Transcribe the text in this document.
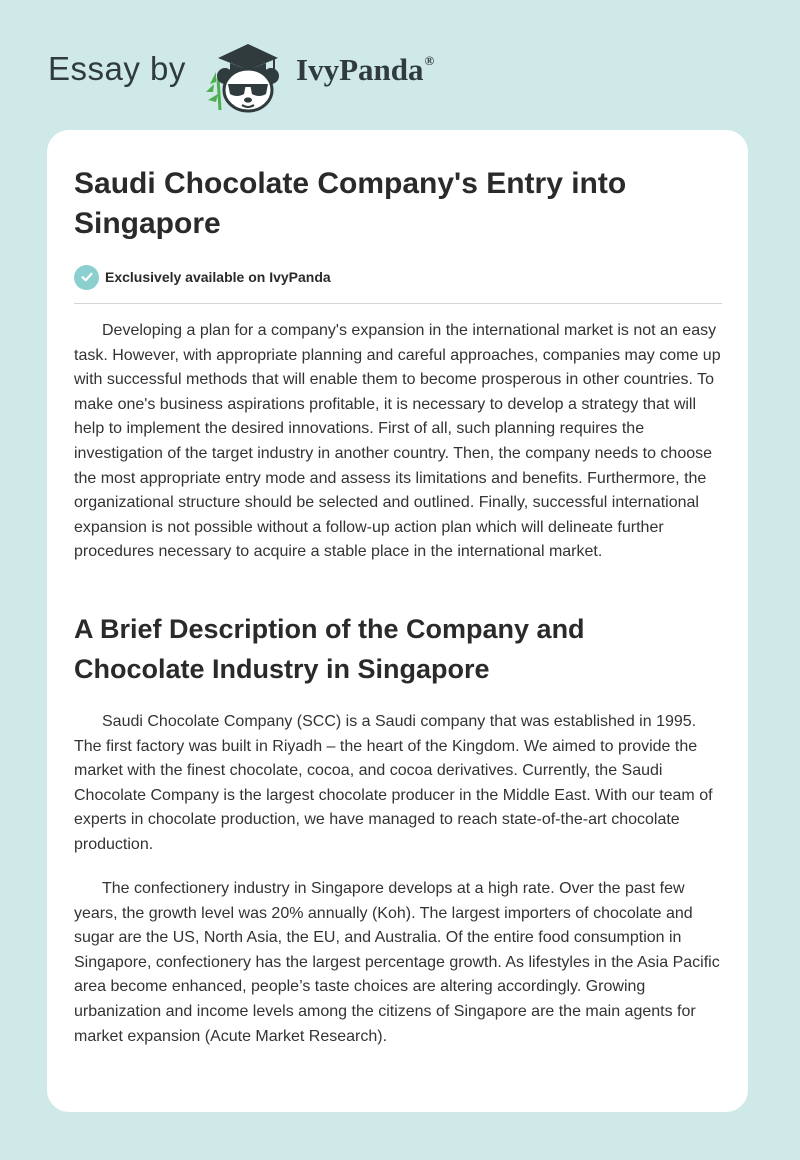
Essay by	IvyPanda®
Saudi Chocolate Company's Entry into Singapore
Exclusively available on IvyPanda

Developing a plan for a company's expansion in the international market is not an easy task. However, with appropriate planning and careful approaches, companies may come up with successful methods that will enable them to become prosperous in other countries. To make one's business aspirations profitable, it is necessary to develop a strategy that will help to implement the desired innovations. First of all, such planning requires the investigation of the target industry in another country. Then, the company needs to choose the most appropriate entry mode and assess its limitations and benefits. Furthermore, the organizational structure should be selected and outlined. Finally, successful international expansion is not possible without a follow-up action plan which will delineate further procedures necessary to acquire a stable place in the international market.

A Brief Description of the Company and Chocolate Industry in Singapore

Saudi Chocolate Company (SCC) is a Saudi company that was established in 1995. The first factory was built in Riyadh – the heart of the Kingdom. We aimed to provide the market with the finest chocolate, cocoa, and cocoa derivatives. Currently, the Saudi Chocolate Company is the largest chocolate producer in the Middle East. With our team of experts in chocolate production, we have managed to reach state-of-the-art chocolate production.

The confectionery industry in Singapore develops at a high rate. Over the past few years, the growth level was 20% annually (Koh). The largest importers of chocolate and sugar are the US, North Asia, the EU, and Australia. Of the entire food consumption in Singapore, confectionery has the largest percentage growth. As lifestyles in the Asia Pacific area become enhanced, people’s taste choices are altering accordingly. Growing urbanization and income levels among the citizens of Singapore are the main agents for market expansion (Acute Market Research).
